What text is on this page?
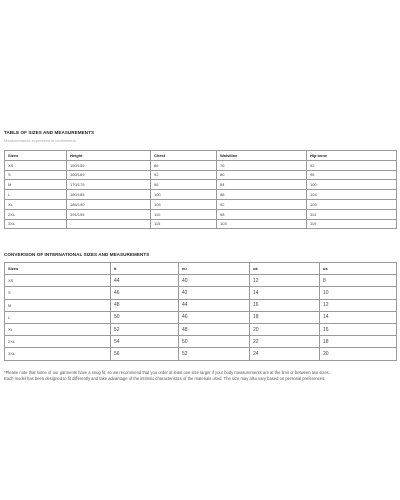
TABLE OF SIZES AND MEASUREMENTS
Measurements expressed in centimeters
Sizes	Height	Chest	Waistline	Hip bone
XS	150/159	86	76	92
S	160/169	92	80	96
M	170/179	96	84	100
L	180/185	100	88	104
XL	186/190	105	92	109
2XL	191/195	110	98	114
3XL	-	115	103	119
CONVERSION OF INTERNATIONAL SIZES AND MEASUREMENTS
Sizes	it	eu	uk	us
XS	44	40	12	8
S	46	42	14	10
M	48	44	16	12
L	50	46	18	14
XL	52	48	20	16
2XL	54	50	22	18
3XL	56	52	24	20
*Please note that some of our garments have a snug fit, so we recommend that you order at least one size larger if your body measurements are at the limit or between two sizes.
Each model has been designed to fit differently and take advantage of the intrinsic characteristics of the materials used. The size may also vary based on personal preferences.
